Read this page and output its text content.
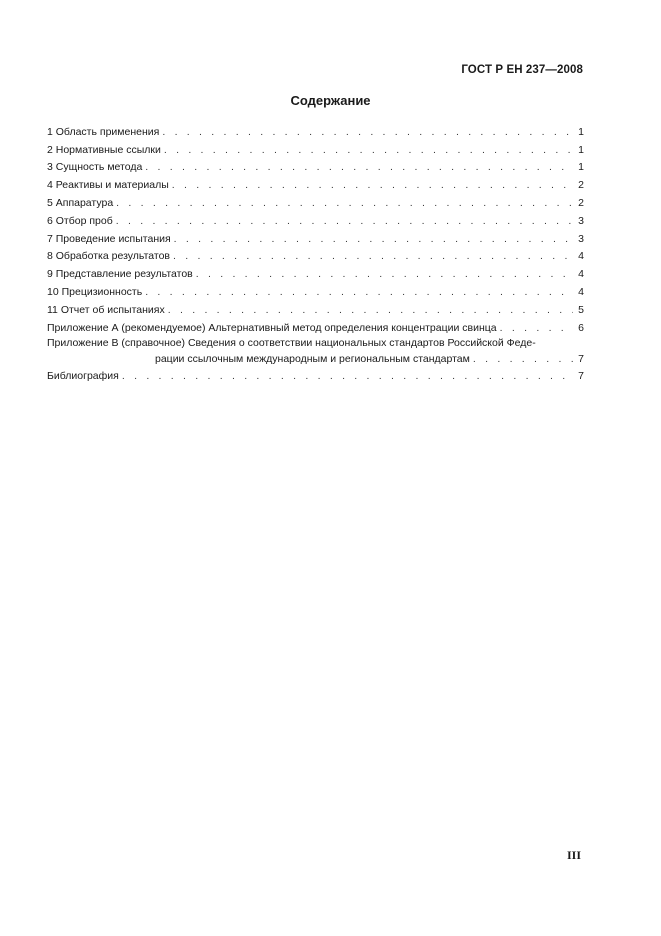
ГОСТ Р ЕН 237—2008
Содержание
1 Область применения . . .	1
2 Нормативные ссылки . . .	1
3 Сущность метода . . .	1
4 Реактивы и материалы . . .	2
5 Аппаратура . . .	2
6 Отбор проб . . .	3
7 Проведение испытания . . .	3
8 Обработка результатов . . .	4
9 Представление результатов . . .	4
10 Прецизионность . . .	4
11 Отчет об испытаниях . . .	5
Приложение А (рекомендуемое) Альтернативный метод определения концентрации свинца . . .	6
Приложение В (справочное) Сведения о соответствии национальных стандартов Российской Феде-
рации ссылочным международным и региональным стандартам . . .	7
Библиография . . .	7
III
